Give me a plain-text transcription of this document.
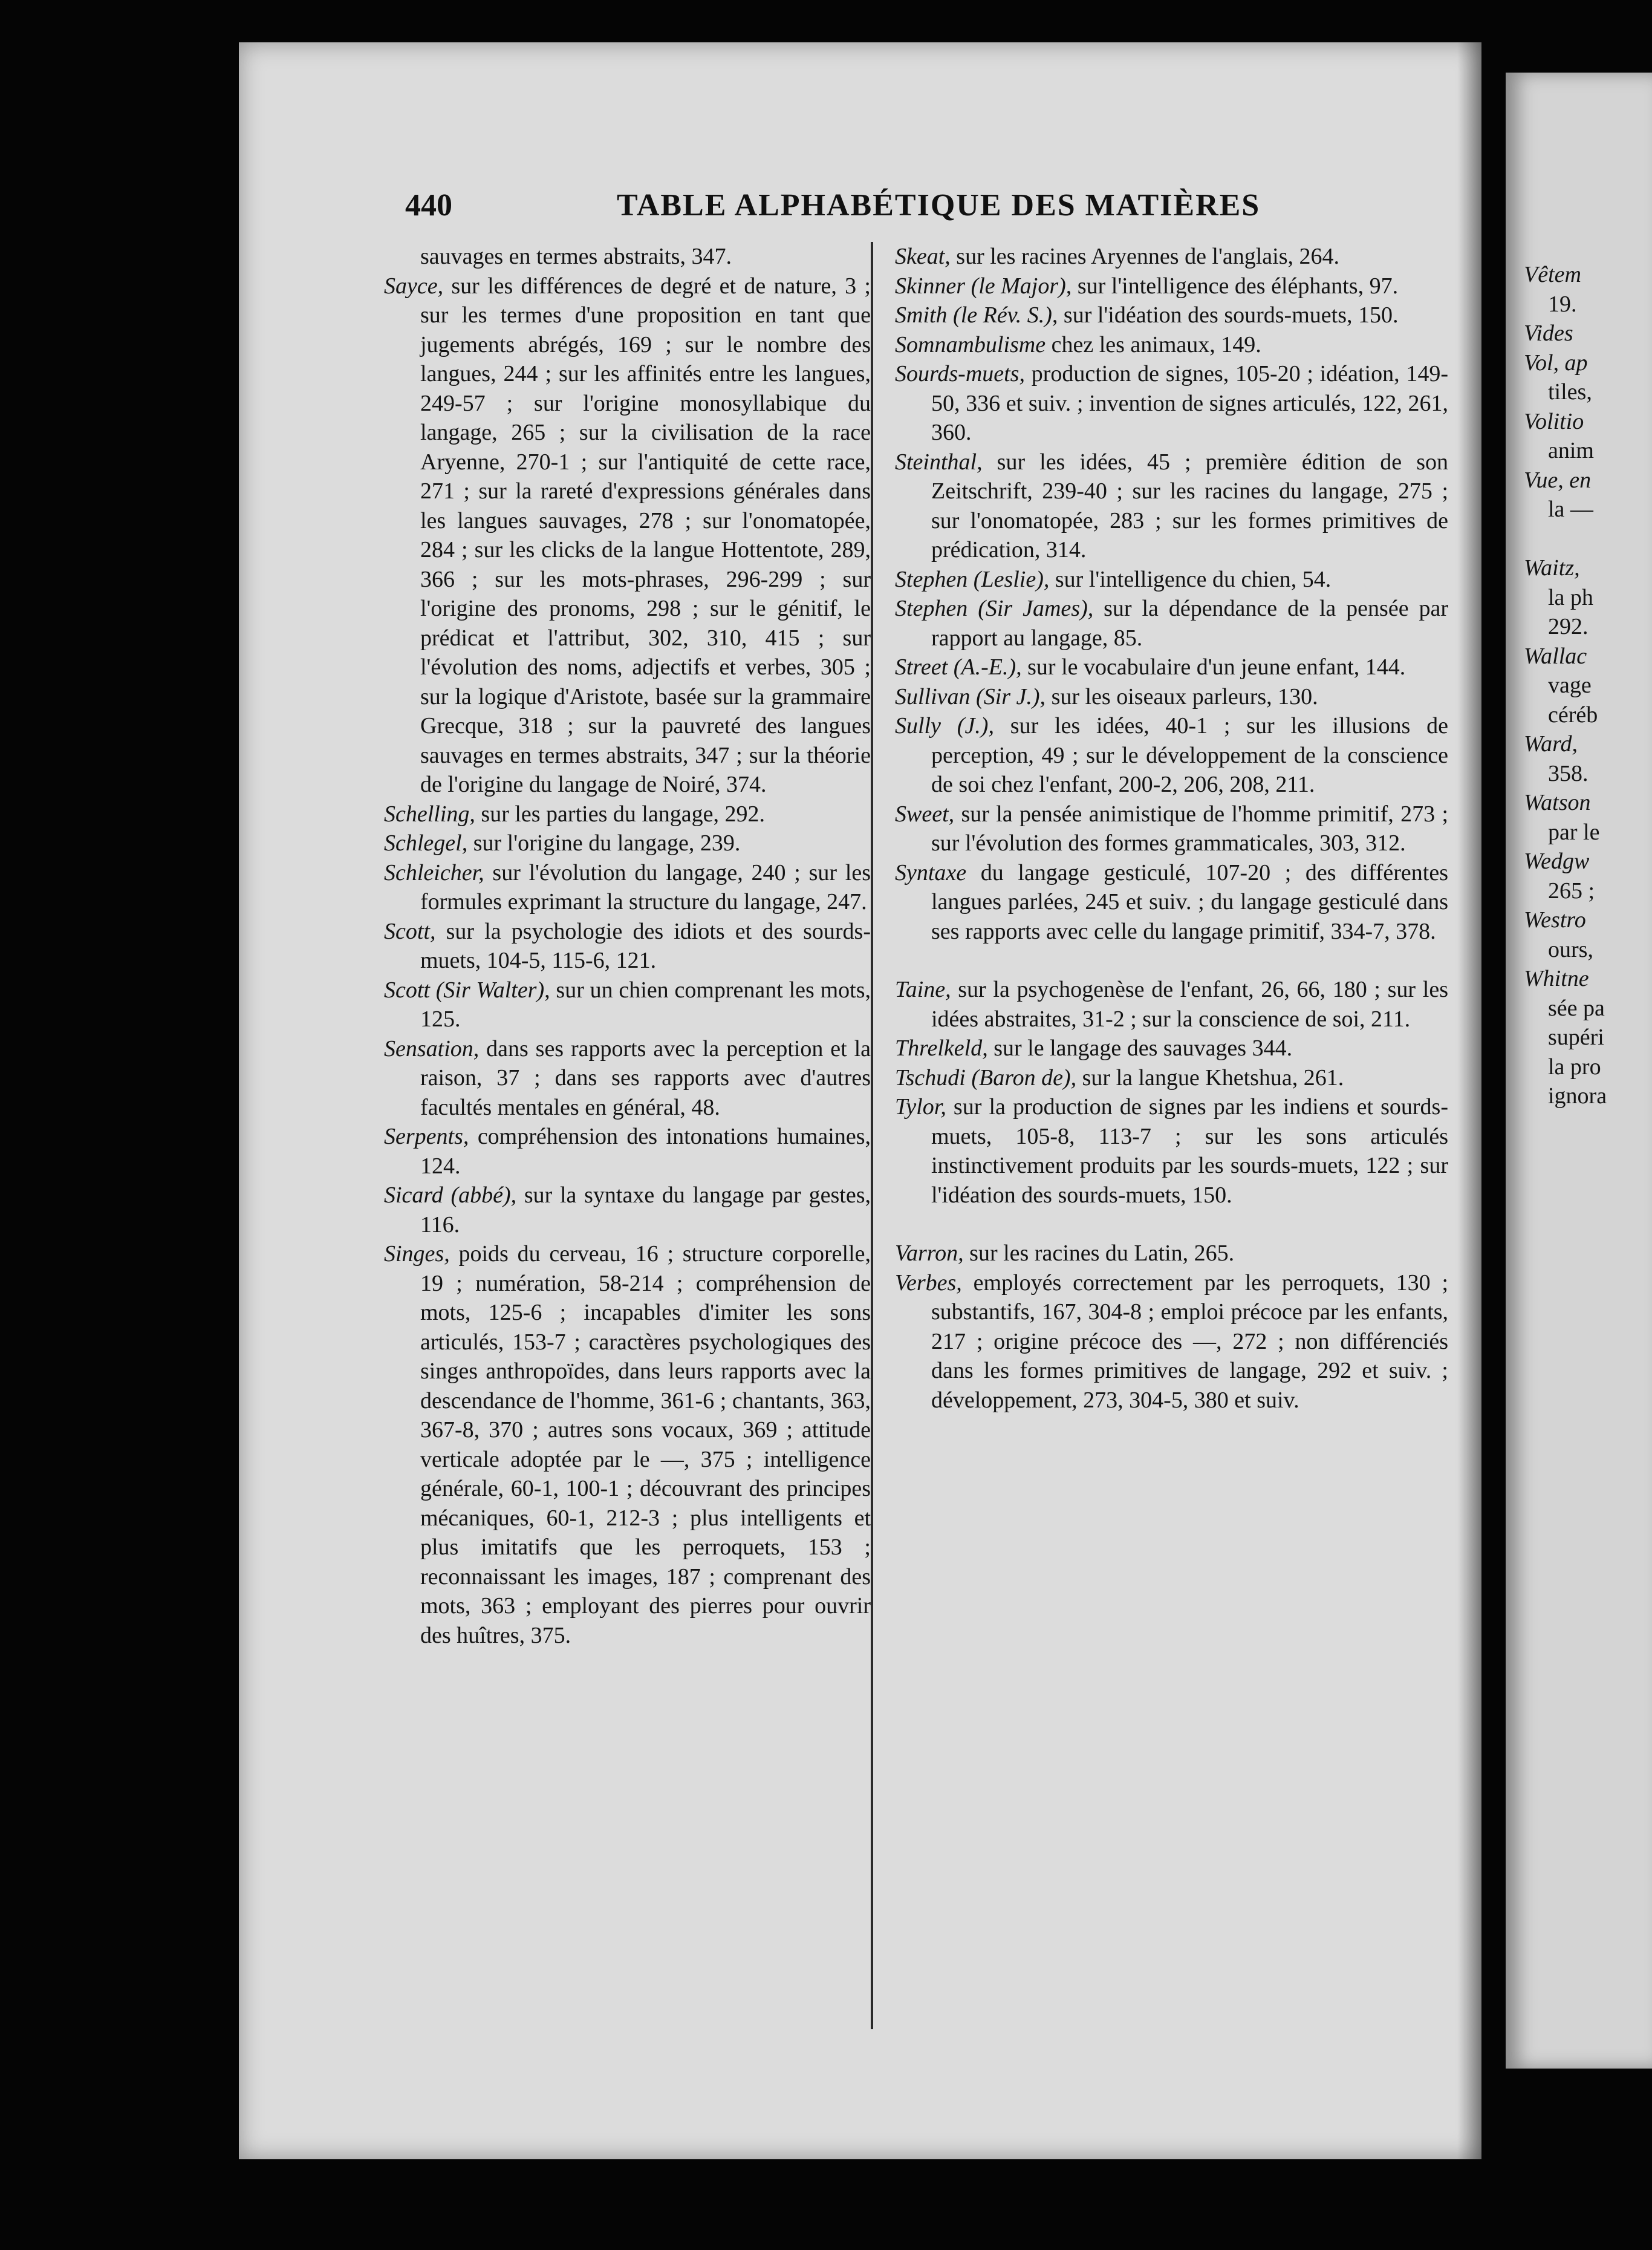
440	TABLE ALPHABÉTIQUE DES MATIÈRES

sauvages en termes abstraits, 347.

Sayce, sur les différences de degré et de nature, 3 ; sur les termes d'une proposition en tant que jugements abrégés, 169 ; sur le nombre des langues, 244 ; sur les affinités entre les langues, 249-57 ; sur l'origine monosyllabique du langage, 265 ; sur la civilisation de la race Aryenne, 270-1 ; sur l'antiquité de cette race, 271 ; sur la rareté d'expressions générales dans les langues sauvages, 278 ; sur l'onomatopée, 284 ; sur les clicks de la langue Hottentote, 289, 366 ; sur les mots-phrases, 296-299 ; sur l'origine des pronoms, 298 ; sur le génitif, le prédicat et l'attribut, 302, 310, 415 ; sur l'évolution des noms, adjectifs et verbes, 305 ; sur la logique d'Aristote, basée sur la grammaire Grecque, 318 ; sur la pauvreté des langues sauvages en termes abstraits, 347 ; sur la théorie de l'origine du langage de Noiré, 374.

Schelling, sur les parties du langage, 292.

Schlegel, sur l'origine du langage, 239.

Schleicher, sur l'évolution du langage, 240 ; sur les formules exprimant la structure du langage, 247.

Scott, sur la psychologie des idiots et des sourds-muets, 104-5, 115-6, 121.

Scott (Sir Walter), sur un chien comprenant les mots, 125.

Sensation, dans ses rapports avec la perception et la raison, 37 ; dans ses rapports avec d'autres facultés mentales en général, 48.

Serpents, compréhension des intonations humaines, 124.

Sicard (abbé), sur la syntaxe du langage par gestes, 116.

Singes, poids du cerveau, 16 ; structure corporelle, 19 ; numération, 58-214 ; compréhension de mots, 125-6 ; incapables d'imiter les sons articulés, 153-7 ; caractères psychologiques des singes anthropoïdes, dans leurs rapports avec la descendance de l'homme, 361-6 ; chantants, 363, 367-8, 370 ; autres sons vocaux, 369 ; attitude verticale adoptée par le —, 375 ; intelligence générale, 60-1, 100-1 ; découvrant des principes mécaniques, 60-1, 212-3 ; plus intelligents et plus imitatifs que les perroquets, 153 ; reconnaissant les images, 187 ; comprenant des mots, 363 ; employant des pierres pour ouvrir des huîtres, 375.

Skeat, sur les racines Aryennes de l'anglais, 264.

Skinner (le Major), sur l'intelligence des éléphants, 97.

Smith (le Rév. S.), sur l'idéation des sourds-muets, 150.

Somnambulisme chez les animaux, 149.

Sourds-muets, production de signes, 105-20 ; idéation, 149-50, 336 et suiv. ; invention de signes articulés, 122, 261, 360.

Steinthal, sur les idées, 45 ; première édition de son Zeitschrift, 239-40 ; sur les racines du langage, 275 ; sur l'onomatopée, 283 ; sur les formes primitives de prédication, 314.

Stephen (Leslie), sur l'intelligence du chien, 54.

Stephen (Sir James), sur la dépendance de la pensée par rapport au langage, 85.

Street (A.-E.), sur le vocabulaire d'un jeune enfant, 144.

Sullivan (Sir J.), sur les oiseaux parleurs, 130.

Sully (J.), sur les idées, 40-1 ; sur les illusions de perception, 49 ; sur le développement de la conscience de soi chez l'enfant, 200-2, 206, 208, 211.

Sweet, sur la pensée animistique de l'homme primitif, 273 ; sur l'évolution des formes grammaticales, 303, 312.

Syntaxe du langage gesticulé, 107-20 ; des différentes langues parlées, 245 et suiv. ; du langage gesticulé dans ses rapports avec celle du langage primitif, 334-7, 378.

Taine, sur la psychogenèse de l'enfant, 26, 66, 180 ; sur les idées abstraites, 31-2 ; sur la conscience de soi, 211.

Threlkeld, sur le langage des sauvages 344.

Tschudi (Baron de), sur la langue Khetshua, 261.

Tylor, sur la production de signes par les indiens et sourds-muets, 105-8, 113-7 ; sur les sons articulés instinctivement produits par les sourds-muets, 122 ; sur l'idéation des sourds-muets, 150.

Varron, sur les racines du Latin, 265.

Verbes, employés correctement par les perroquets, 130 ; substantifs, 167, 304-8 ; emploi précoce par les enfants, 217 ; origine précoce des —, 272 ; non différenciés dans les formes primitives de langage, 292 et suiv. ; développement, 273, 304-5, 380 et suiv.

Vêtem
19.
Vides
Vol, ap
tiles,
Volitio
anim
Vue, en
la —

Waitz,
la ph
292.
Wallac
vage
céréb
Ward,
358.
Watson
par le
Wedgw
265 ;
Westro
ours,
Whitne
sée pa
supéri
la pro
ignora
